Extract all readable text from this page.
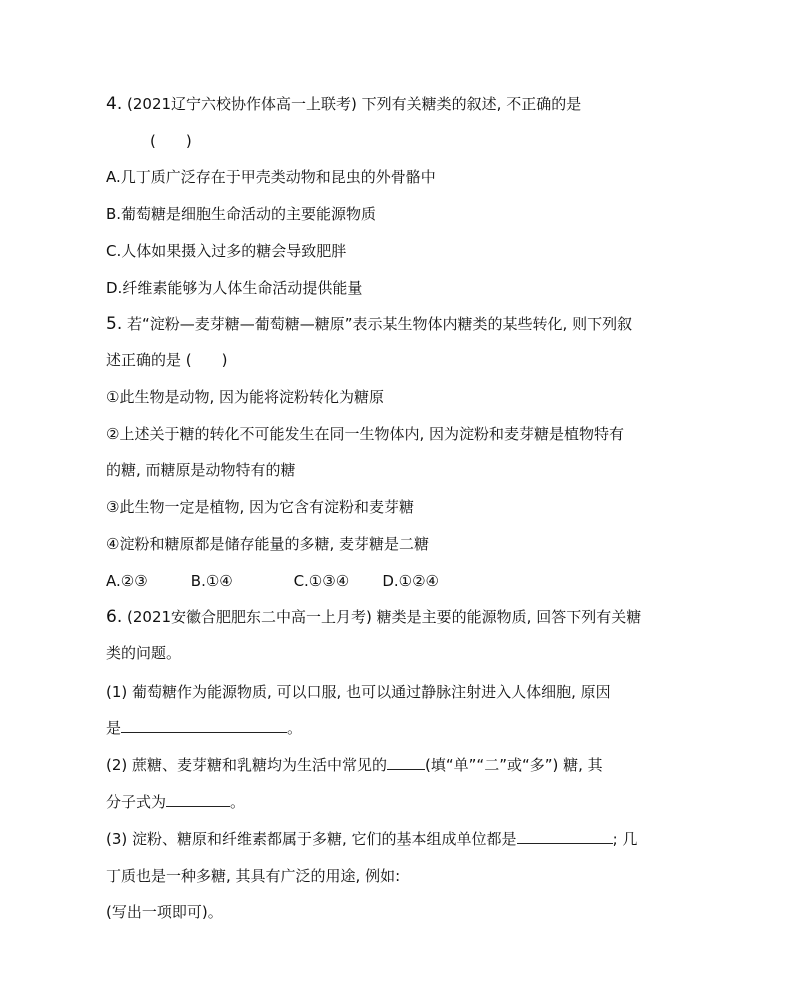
4. (2021辽宁六校协作体高一上联考) 下列有关糖类的叙述, 不正确的是
(　　)
A.几丁质广泛存在于甲壳类动物和昆虫的外骨骼中
B.葡萄糖是细胞生命活动的主要能源物质
C.人体如果摄入过多的糖会导致肥胖
D.纤维素能够为人体生命活动提供能量
5. 若“淀粉—麦芽糖—葡萄糖—糖原”表示某生物体内糖类的某些转化, 则下列叙
述正确的是 (　　)
①此生物是动物, 因为能将淀粉转化为糖原
②上述关于糖的转化不可能发生在同一生物体内, 因为淀粉和麦芽糖是植物特有
的糖, 而糖原是动物特有的糖
③此生物一定是植物, 因为它含有淀粉和麦芽糖
④淀粉和糖原都是储存能量的多糖, 麦芽糖是二糖
A.②③	B.①④	C.①③④ D.①②④
6. (2021安徽合肥肥东二中高一上月考) 糖类是主要的能源物质, 回答下列有关糖
类的问题。
(1) 葡萄糖作为能源物质, 可以口服, 也可以通过静脉注射进入人体细胞, 原因
是	。
(2) 蔗糖、麦芽糖和乳糖均为生活中常见的	(填“单”“二”或“多”) 糖, 其
分子式为	。
(3) 淀粉、糖原和纤维素都属于多糖, 它们的基本组成单位都是	; 几
丁质也是一种多糖, 其具有广泛的用途, 例如:
(写出一项即可)。
